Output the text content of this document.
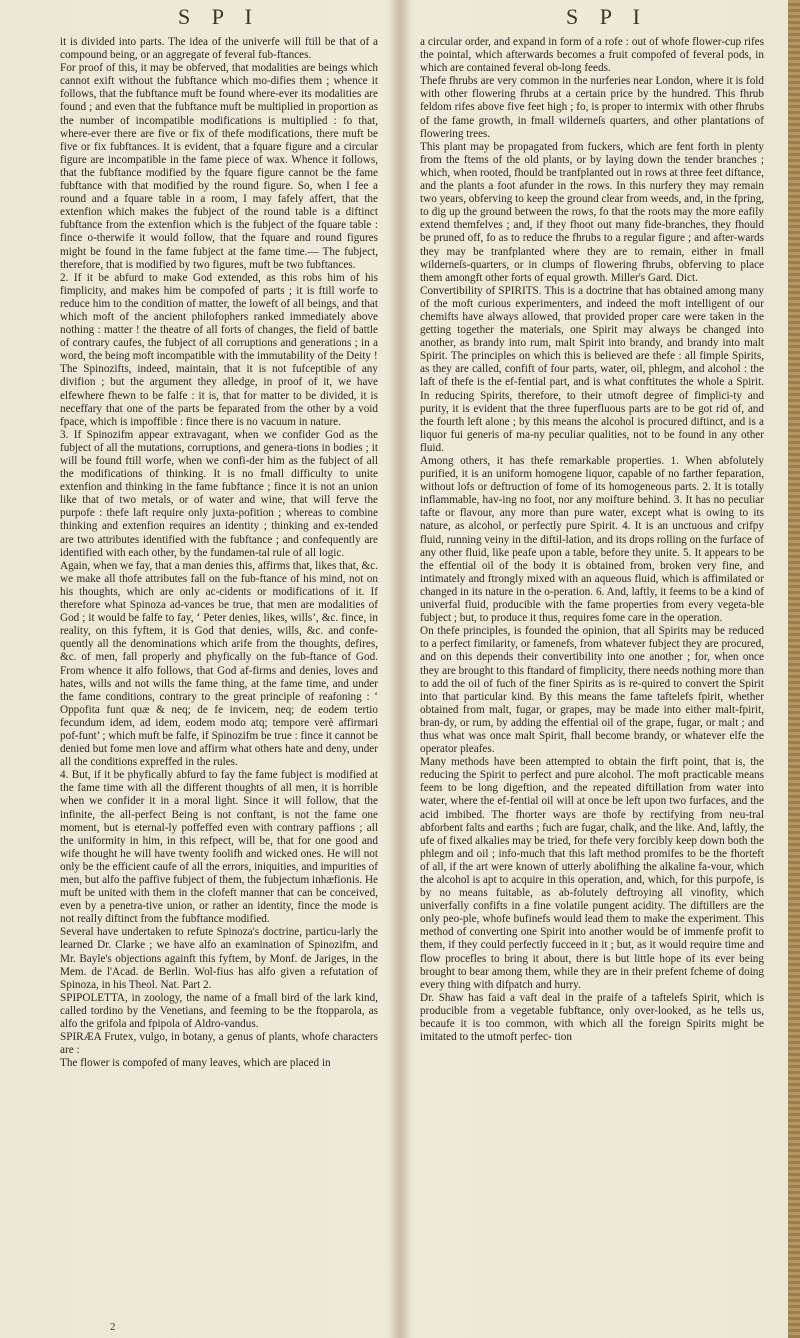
S P I	S P I

it is divided into parts. The idea of the univerfe will ftill be that of a compound being, or an aggregate of feveral fub-ftances.

For proof of this, it may be obferved, that modalities are beings which cannot exift without the fubftance which mo-difies them ; whence it follows, that the fubftance muft be found where-ever its modalities are found ; and even that the fubftance muft be multiplied in proportion as the number of incompatible modifications is multiplied : fo that, where-ever there are five or fix of thefe modifications, there muft be five or fix fubftances. It is evident, that a fquare figure and a circular figure are incompatible in the fame piece of wax. Whence it follows, that the fubftance modified by the fquare figure cannot be the fame fubftance with that modified by the round figure. So, when I fee a round and a fquare table in a room, I may fafely affert, that the extenfion which makes the fubject of the round table is a diftinct fubftance from the extenfion which is the fubject of the fquare table : fince o-therwife it would follow, that the fquare and round figures might be found in the fame fubject at the fame time.— The fubject, therefore, that is modified by two figures, muft be two fubftances.

2. If it be abfurd to make God extended, as this robs him of his fimplicity, and makes him be compofed of parts ; it is ftill worfe to reduce him to the condition of matter, the loweft of all beings, and that which moft of the ancient philofophers ranked immediately above nothing : matter ! the theatre of all forts of changes, the field of battle of contrary caufes, the fubject of all corruptions and generations ; in a word, the being moft incompatible with the immutability of the Deity !

The Spinozifts, indeed, maintain, that it is not fufceptible of any divifion ; but the argument they alledge, in proof of it, we have elfewhere fhewn to be falfe : it is, that for matter to be divided, it is neceffary that one of the parts be feparated from the other by a void fpace, which is impoffible : fince there is no vacuum in nature.

3. If Spinozifm appear extravagant, when we confider God as the fubject of all the mutations, corruptions, and genera-tions in bodies ; it will be found ftill worfe, when we confi-der him as the fubject of all the modifications of thinking. It is no fmall difficulty to unite extenfion and thinking in the fame fubftance ; fince it is not an union like that of two metals, or of water and wine, that will ferve the purpofe : thefe laft require only juxta-pofition ; whereas to combine thinking and extenfion requires an identity ; thinking and ex-tended are two attributes identified with the fubftance ; and confequently are identified with each other, by the fundamen-tal rule of all logic.

Again, when we fay, that a man denies this, affirms that, likes that, &c. we make all thofe attributes fall on the fub-ftance of his mind, not on his thoughts, which are only ac-cidents or modifications of it. If therefore what Spinoza ad-vances be true, that men are modalities of God ; it would be falfe to fay, ‘ Peter denies, likes, wills’, &c. fince, in reality, on this fyftem, it is God that denies, wills, &c. and confe-quently all the denominations which arife from the thoughts, defires, &c. of men, fall properly and phyfically on the fub-ftance of God. From whence it alfo follows, that God af-firms and denies, loves and hates, wills and not wills the fame thing, at the fame time, and under the fame conditions, contrary to the great principle of reafoning : ‘ Oppofita funt quæ & neq; de fe invicem, neq; de eodem tertio fecundum idem, ad idem, eodem modo atq; tempore verè affirmari pof-funt’ ; which muft be falfe, if Spinozifm be true : fince it cannot be denied but fome men love and affirm what others hate and deny, under all the conditions expreffed in the rules.

4. But, if it be phyfically abfurd to fay the fame fubject is modified at the fame time with all the different thoughts of all men, it is horrible when we confider it in a moral light. Since it will follow, that the infinite, the all-perfect Being is not conftant, is not the fame one moment, but is eternal-ly poffeffed even with contrary paffions ; all the uniformity in him, in this refpect, will be, that for one good and wife thought he will have twenty foolifh and wicked ones. He will not only be the efficient caufe of all the errors, iniquities, and impurities of men, but alfo the paffive fubject of them, the fubjectum inhæfionis. He muft be united with them in the clofeft manner that can be conceived, even by a penetra-tive union, or rather an identity, fince the mode is not really diftinct from the fubftance modified.

Several have undertaken to refute Spinoza's doctrine, particu-larly the learned Dr. Clarke ; we have alfo an examination of Spinozifm, and Mr. Bayle's objections againft this fyftem, by Monf. de Jariges, in the Mem. de l'Acad. de Berlin. Wol-fius has alfo given a refutation of Spinoza, in his Theol. Nat. Part 2.

SPIPOLETTA, in zoology, the name of a fmall bird of the lark kind, called tordino by the Venetians, and feeming to be the ftopparola, as alfo the grifola and fpipola of Aldro-vandus.

SPIRÆA Frutex, vulgo, in botany, a genus of plants, whofe characters are :

The flower is compofed of many leaves, which are placed in

a circular order, and expand in form of a rofe : out of whofe flower-cup rifes the pointal, which afterwards becomes a fruit compofed of feveral pods, in which are contained feveral ob-long feeds.

Thefe fhrubs are very common in the nurferies near London, where it is fold with other flowering fhrubs at a certain price by the hundred. This fhrub feldom rifes above five feet high ; fo, is proper to intermix with other fhrubs of the fame growth, in fmall wilderneſs quarters, and other plantations of flowering trees.

This plant may be propagated from fuckers, which are fent forth in plenty from the ftems of the old plants, or by laying down the tender branches ; which, when rooted, fhould be tranfplanted out in rows at three feet diftance, and the plants a foot afunder in the rows. In this nurfery they may remain two years, obferving to keep the ground clear from weeds, and, in the fpring, to dig up the ground between the rows, fo that the roots may the more eafily extend themfelves ; and, if they fhoot out many fide-branches, they fhould be pruned off, fo as to reduce the fhrubs to a regular figure ; and after-wards they may be tranfplanted where they are to remain, either in fmall wilderneſs-quarters, or in clumps of flowering fhrubs, obferving to place them amongft other forts of equal growth. Miller's Gard. Dict.

Convertibility of SPIRITS. This is a doctrine that has obtained among many of the moft curious experimenters, and indeed the moft intelligent of our chemifts have always allowed, that provided proper care were taken in the getting together the materials, one Spirit may always be changed into another, as brandy into rum, malt Spirit into brandy, and brandy into malt Spirit. The principles on which this is believed are thefe : all fimple Spirits, as they are called, confift of four parts, water, oil, phlegm, and alcohol : the laft of thefe is the ef-fential part, and is what conftitutes the whole a Spirit. In reducing Spirits, therefore, to their utmoft degree of fimplici-ty and purity, it is evident that the three fuperfluous parts are to be got rid of, and the fourth left alone ; by this means the alcohol is procured diftinct, and is a liquor fui generis of ma-ny peculiar qualities, not to be found in any other fluid.

Among others, it has thefe remarkable properties. 1. When abfolutely purified, it is an uniform homogene liquor, capable of no farther feparation, without lofs or deftruction of fome of its homogeneous parts. 2. It is totally inflammable, hav-ing no foot, nor any moifture behind. 3. It has no peculiar tafte or flavour, any more than pure water, except what is owing to its nature, as alcohol, or perfectly pure Spirit. 4. It is an unctuous and crifpy fluid, running veiny in the diftil-lation, and its drops rolling on the furface of any other fluid, like peafe upon a table, before they unite. 5. It appears to be the effential oil of the body it is obtained from, broken very fine, and intimately and ftrongly mixed with an aqueous fluid, which is affimilated or changed in its nature in the o-peration. 6. And, laftly, it feems to be a kind of univerfal fluid, producible with the fame properties from every vegeta-ble fubject ; but, to produce it thus, requires fome care in the operation.

On thefe principles, is founded the opinion, that all Spirits may be reduced to a perfect fimilarity, or famenefs, from whatever fubject they are procured, and on this depends their convertibility into one another ; for, when once they are brought to this ftandard of fimplicity, there needs nothing more than to add the oil of fuch of the finer Spirits as is re-quired to convert the Spirit into that particular kind. By this means the fame taftelefs fpirit, whether obtained from malt, fugar, or grapes, may be made into either malt-fpirit, bran-dy, or rum, by adding the effential oil of the grape, fugar, or malt ; and thus what was once malt Spirit, fhall become brandy, or whatever elfe the operator pleafes.

Many methods have been attempted to obtain the firft point, that is, the reducing the Spirit to perfect and pure alcohol. The moft practicable means feem to be long digeftion, and the repeated diftillation from water into water, where the ef-fential oil will at once be left upon two furfaces, and the acid imbibed. The fhorter ways are thofe by rectifying from neu-tral abforbent falts and earths ; fuch are fugar, chalk, and the like. And, laftly, the ufe of fixed alkalies may be tried, for thefe very forcibly keep down both the phlegm and oil ; info-much that this laft method promifes to be the fhorteft of all, if the art were known of utterly abolifhing the alkaline fa-vour, which the alcohol is apt to acquire in this operation, and, which, for this purpofe, is by no means fuitable, as ab-folutely deftroying all vinofity, which univerfally confifts in a fine volatile pungent acidity. The diftillers are the only peo-ple, whofe bufinefs would lead them to make the experiment. This method of converting one Spirit into another would be of immenfe profit to them, if they could perfectly fucceed in it ; but, as it would require time and flow procefles to bring it about, there is but little hope of its ever being brought to bear among them, while they are in their prefent fcheme of doing every thing with difpatch and hurry.

Dr. Shaw has faid a vaft deal in the praife of a taftelefs Spirit, which is producible from a vegetable fubftance, only over-looked, as he tells us, becaufe it is too common, with which all the foreign Spirits might be imitated to the utmoft perfec- tion

2
